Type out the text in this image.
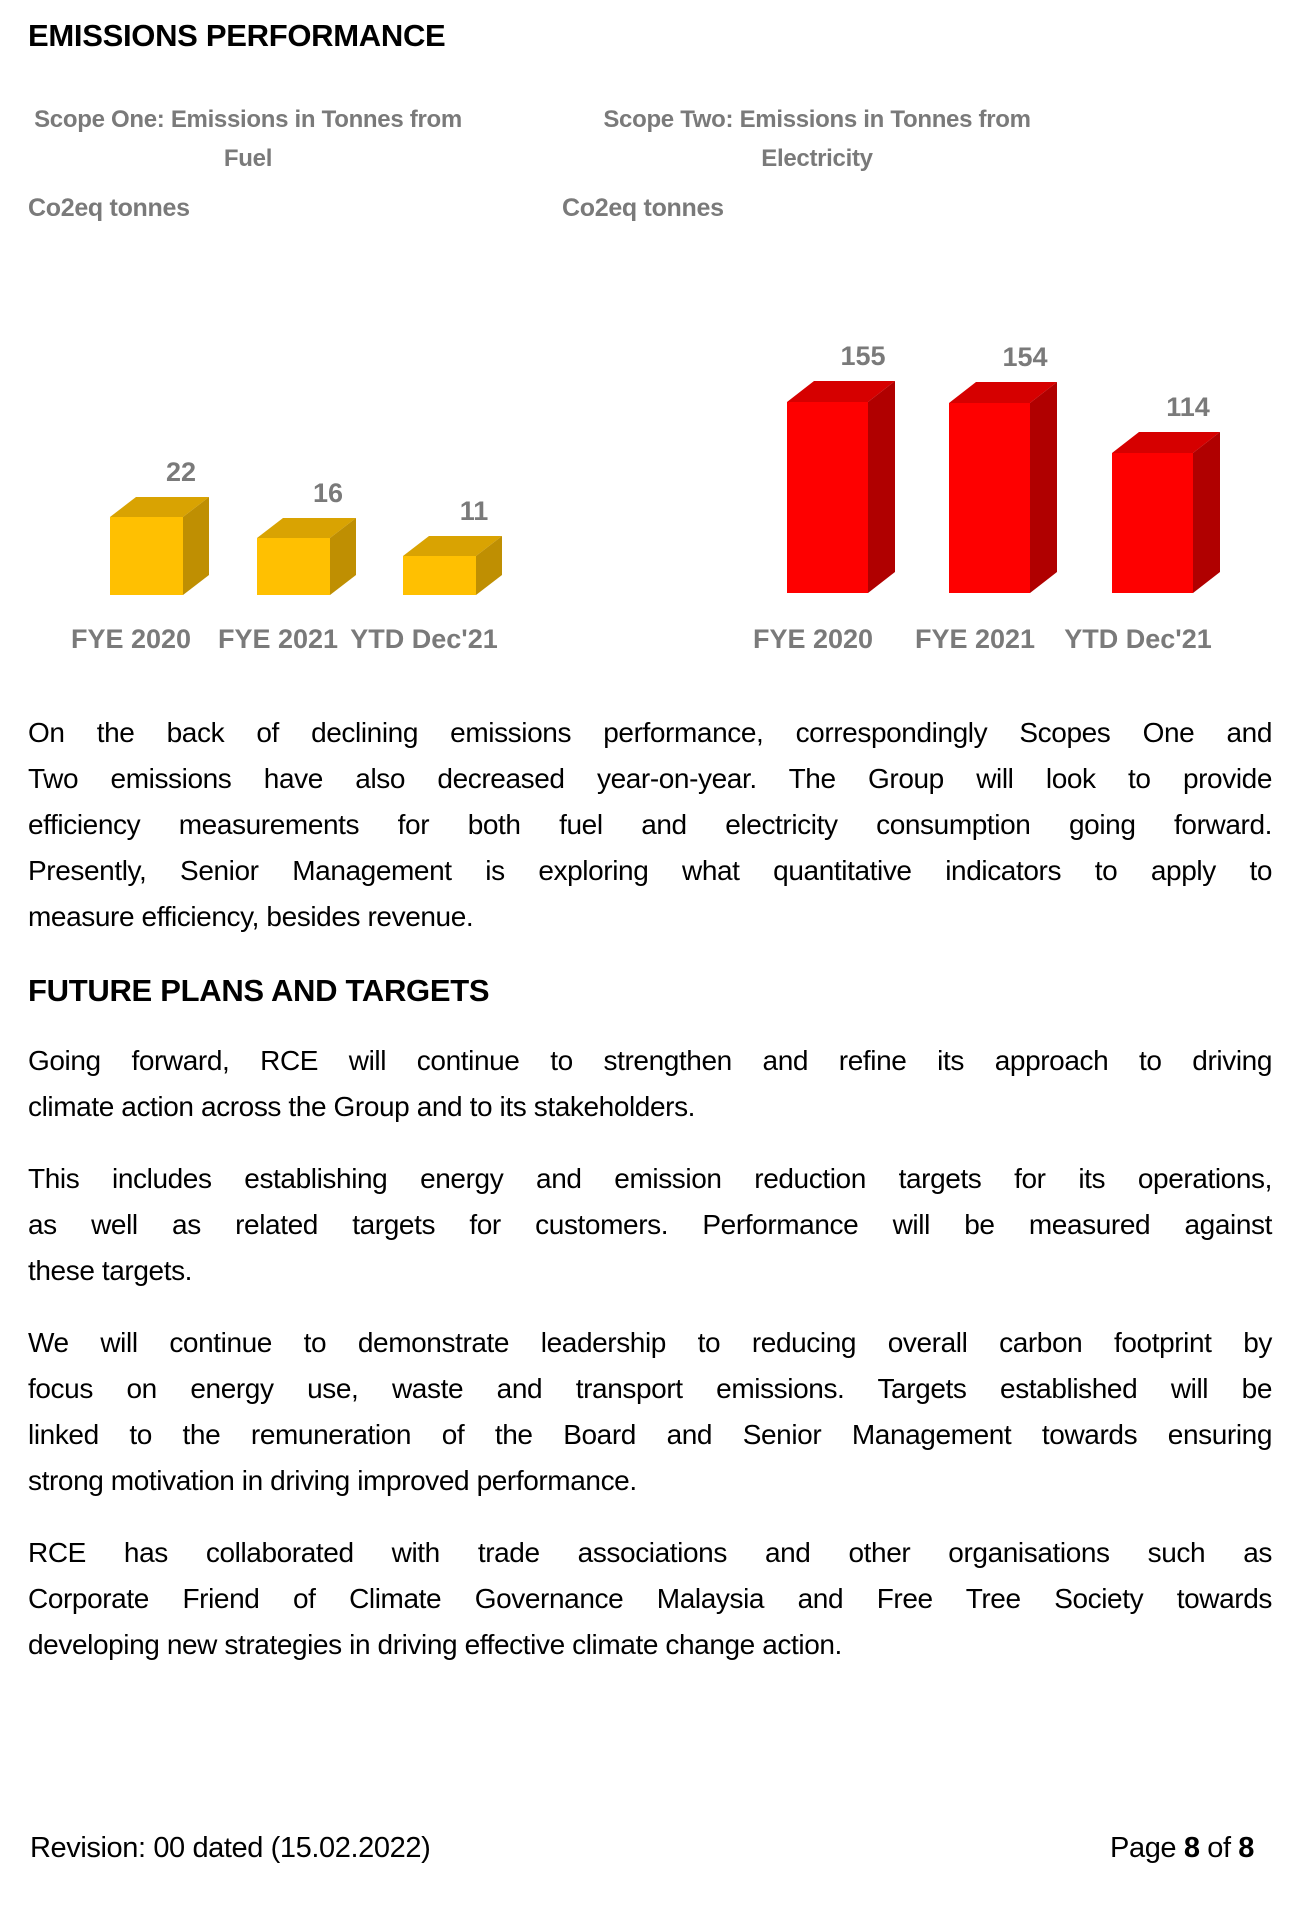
EMISSIONS PERFORMANCE
Scope One: Emissions in Tonnes from
Fuel
Co2eq tonnes
22
FYE 2020
16
FYE 2021
11
YTD Dec'21
Scope Two: Emissions in Tonnes from
Electricity
Co2eq tonnes
155
FYE 2020
154
FYE 2021
114
YTD Dec'21
On the back of declining emissions performance, correspondingly Scopes One and
Two emissions have also decreased year-on-year. The Group will look to provide
efficiency measurements for both fuel and electricity consumption going forward.
Presently, Senior Management is exploring what quantitative indicators to apply to
measure efficiency, besides revenue.
FUTURE PLANS AND TARGETS
Going forward, RCE will continue to strengthen and refine its approach to driving
climate action across the Group and to its stakeholders.
This includes establishing energy and emission reduction targets for its operations,
as well as related targets for customers. Performance will be measured against
these targets.
We will continue to demonstrate leadership to reducing overall carbon footprint by
focus on energy use, waste and transport emissions. Targets established will be
linked to the remuneration of the Board and Senior Management towards ensuring
strong motivation in driving improved performance.
RCE has collaborated with trade associations and other organisations such as
Corporate Friend of Climate Governance Malaysia and Free Tree Society towards
developing new strategies in driving effective climate change action.
Revision: 00 dated (15.02.2022)	Page 8 of 8
